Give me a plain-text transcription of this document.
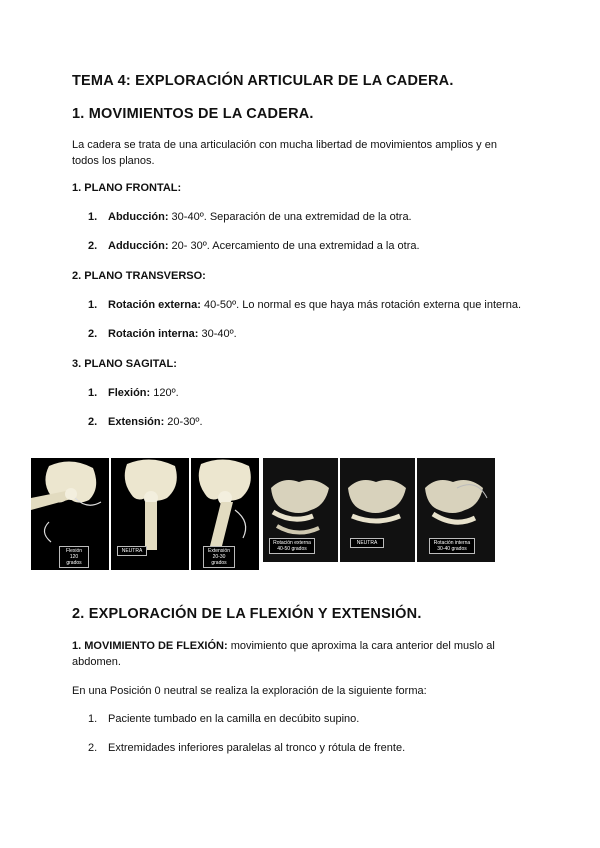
TEMA 4: EXPLORACIÓN ARTICULAR DE LA CADERA.
1. MOVIMIENTOS DE LA CADERA.
La cadera se trata de una articulación con mucha libertad de movimientos amplios y en todos los planos.
1. PLANO FRONTAL:
1. Abducción: 30-40º. Separación de una extremidad de la otra.
2. Adducción: 20- 30º. Acercamiento de una extremidad a la otra.
2. PLANO TRANSVERSO:
1. Rotación externa: 40-50º. Lo normal es que haya más rotación externa que interna.
2. Rotación interna: 30-40º.
3. PLANO SAGITAL:
1. Flexión: 120º.
2. Extensión: 20-30º.
Flexión 120 grados
NEUTRA	Extensión 20-30 grados
Rotación externa 40-50 grados
NEUTRA	Rotación interna 30-40 grados
2. EXPLORACIÓN DE LA FLEXIÓN Y EXTENSIÓN.
1. MOVIMIENTO DE FLEXIÓN: movimiento que aproxima la cara anterior del muslo al abdomen.
En una Posición 0 neutral se realiza la exploración de la siguiente forma:
1. Paciente tumbado en la camilla en decúbito supino.
2. Extremidades inferiores paralelas al tronco y rótula de frente.
